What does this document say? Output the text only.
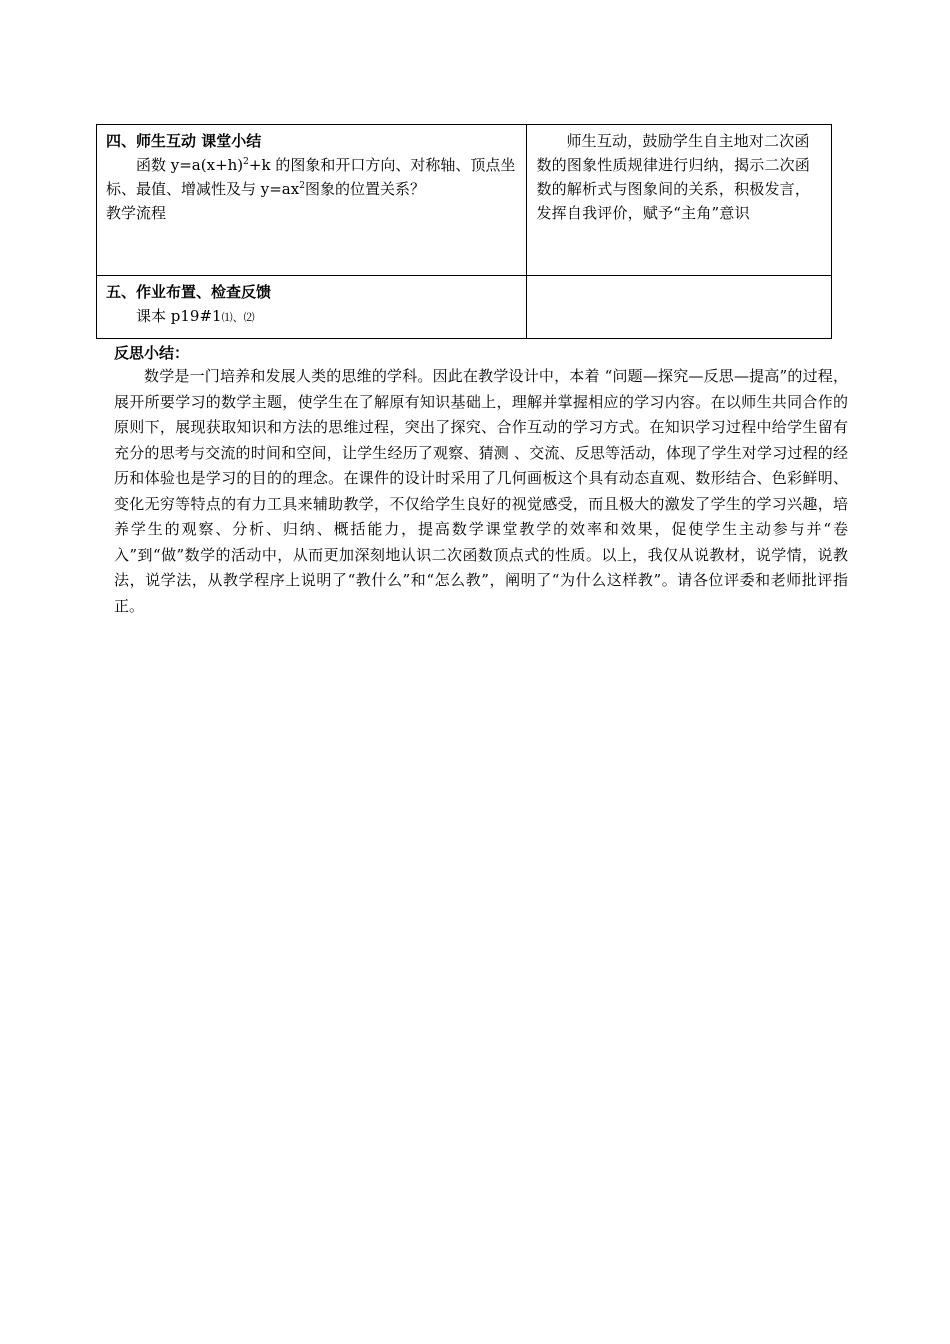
四、师生互动 课堂小结

函数 $y=a(x+h)^2+k$ 的图象和开口方向、对称轴、顶点坐标、最值、增减性及与 $y=ax^2$图象的位置关系？

教学流程	师生互动，鼓励学生自主地对二次函数的图象性质规律进行归纳，揭示二次函数的解析式与图象间的关系，积极发言，发挥自我评价，赋予“主角”意识

五、作业布置、检查反馈

课本 p19#1⑴、⑵	

反思小结：

数学是一门培养和发展人类的思维的学科。因此在教学设计中，本着 “问题—探究—反思—提高”的过程，展开所要学习的数学主题，使学生在了解原有知识基础上，理解并掌握相应的学习内容。在以师生共同合作的原则下，展现获取知识和方法的思维过程，突出了探究、合作互动的学习方式。在知识学习过程中给学生留有充分的思考与交流的时间和空间，让学生经历了观察、猜测 、交流、反思等活动，体现了学生对学习过程的经历和体验也是学习的目的的理念。在课件的设计时采用了几何画板这个具有动态直观、数形结合、色彩鲜明、变化无穷等特点的有力工具来辅助教学，不仅给学生良好的视觉感受，而且极大的激发了学生的学习兴趣，培养学生的观察、分析、归纳、概括能力，提高数学课堂教学的效率和效果，促使学生主动参与并“卷入”到“做”数学的活动中，从而更加深刻地认识二次函数顶点式的性质。以上，我仅从说教材，说学情，说教法，说学法，从教学程序上说明了“教什么”和“怎么教”，阐明了“为什么这样教”。请各位评委和老师批评指正。
